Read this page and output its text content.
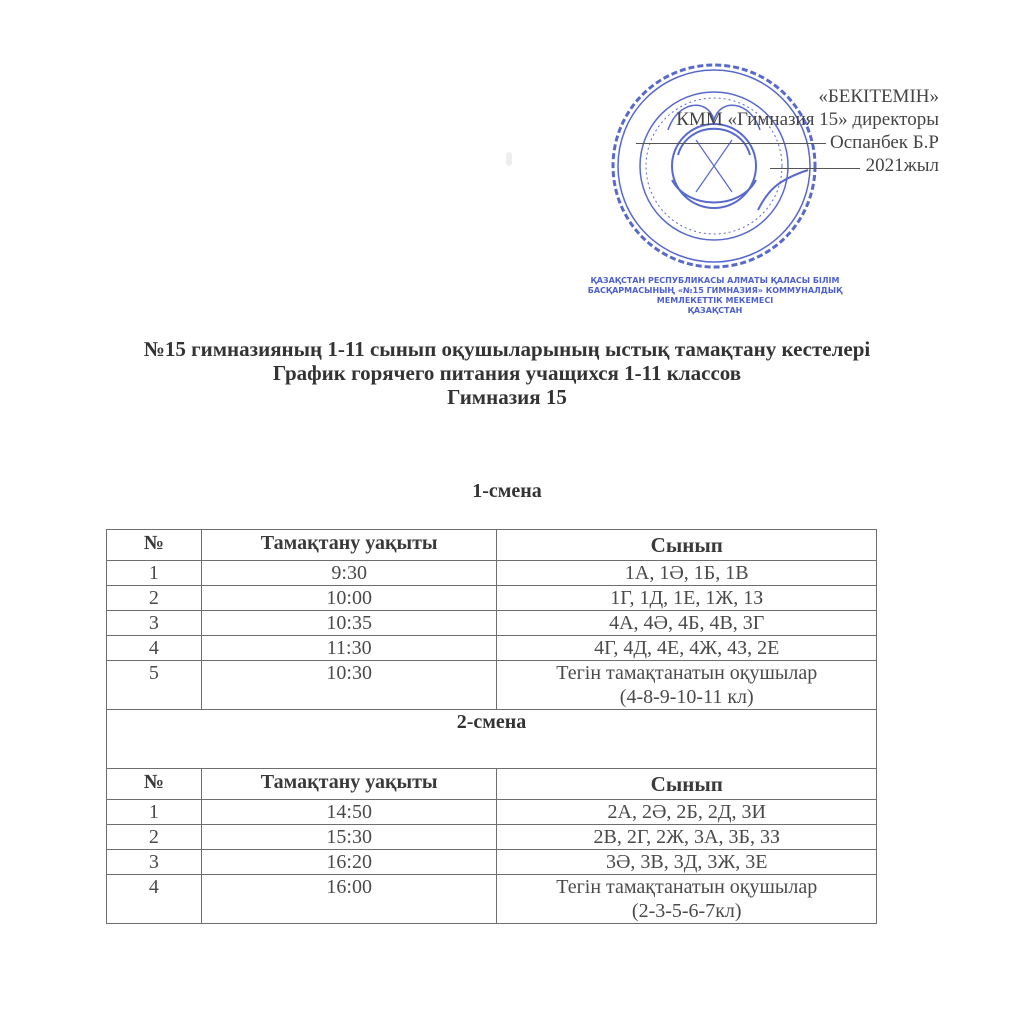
ҚАЗАҚСТАН РЕСПУБЛИКАСЫ АЛМАТЫ ҚАЛАСЫ БІЛІМ БАСҚАРМАСЫНЫҢ «№15 ГИМНАЗИЯ» КОММУНАЛДЫҚ МЕМЛЕКЕТТІК МЕКЕМЕСІ
ҚАЗАҚСТАН
«БЕКІТЕМІН»
КММ «Гимназия 15» директоры
Оспанбек Б.Р
2021жыл
№15 гимназияның 1-11 сынып оқушыларының ыстық тамақтану кестелері
График горячего питания учащихся 1-11 классов
Гимназия 15
1-смена
№	Тамақтану уақыты	Сынып
1	9:30	1А, 1Ә, 1Б, 1В
2	10:00	1Г, 1Д, 1Е, 1Ж, 1З
3	10:35	4А, 4Ә, 4Б, 4В, 3Г
4	11:30	4Г, 4Д, 4Е, 4Ж, 4З, 2Е
5	10:30	Тегін тамақтанатын оқушылар
(4-8-9-10-11 кл)

2-смена		

№	Тамақтану уақыты	Сынып
1	14:50	2А, 2Ә, 2Б, 2Д, 3И
2	15:30	2В, 2Г, 2Ж, 3А, 3Б, 3З
3	16:20	3Ә, 3В, 3Д, 3Ж, 3Е
4	16:00	Тегін тамақтанатын оқушылар
(2-3-5-6-7кл)
